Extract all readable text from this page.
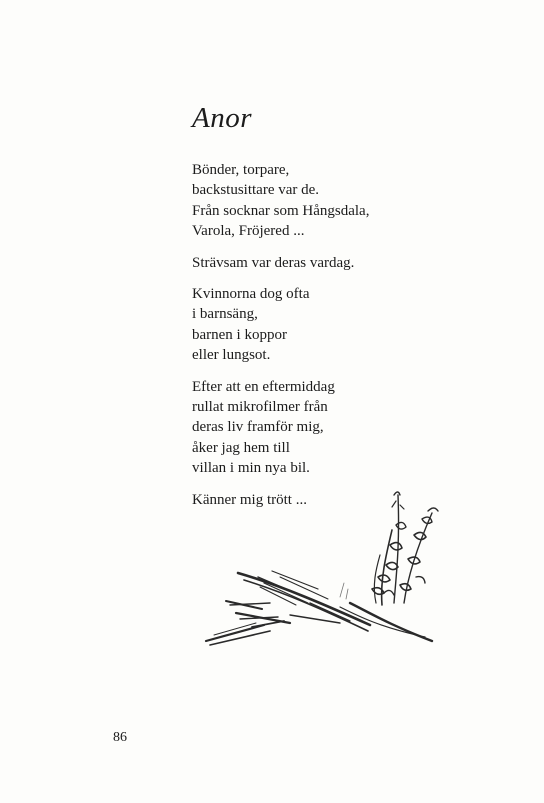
Anor

Bönder, torpare,
backstusittare var de.
Från socknar som Hångsdala,
Varola, Fröjered ...

Strävsam var deras vardag.

Kvinnorna dog ofta
i barnsäng,
barnen i koppor
eller lungsot.

Efter att en eftermiddag
rullat mikrofilmer från
deras liv framför mig,
åker jag hem till
villan i min nya bil.

Känner mig trött ...

86
